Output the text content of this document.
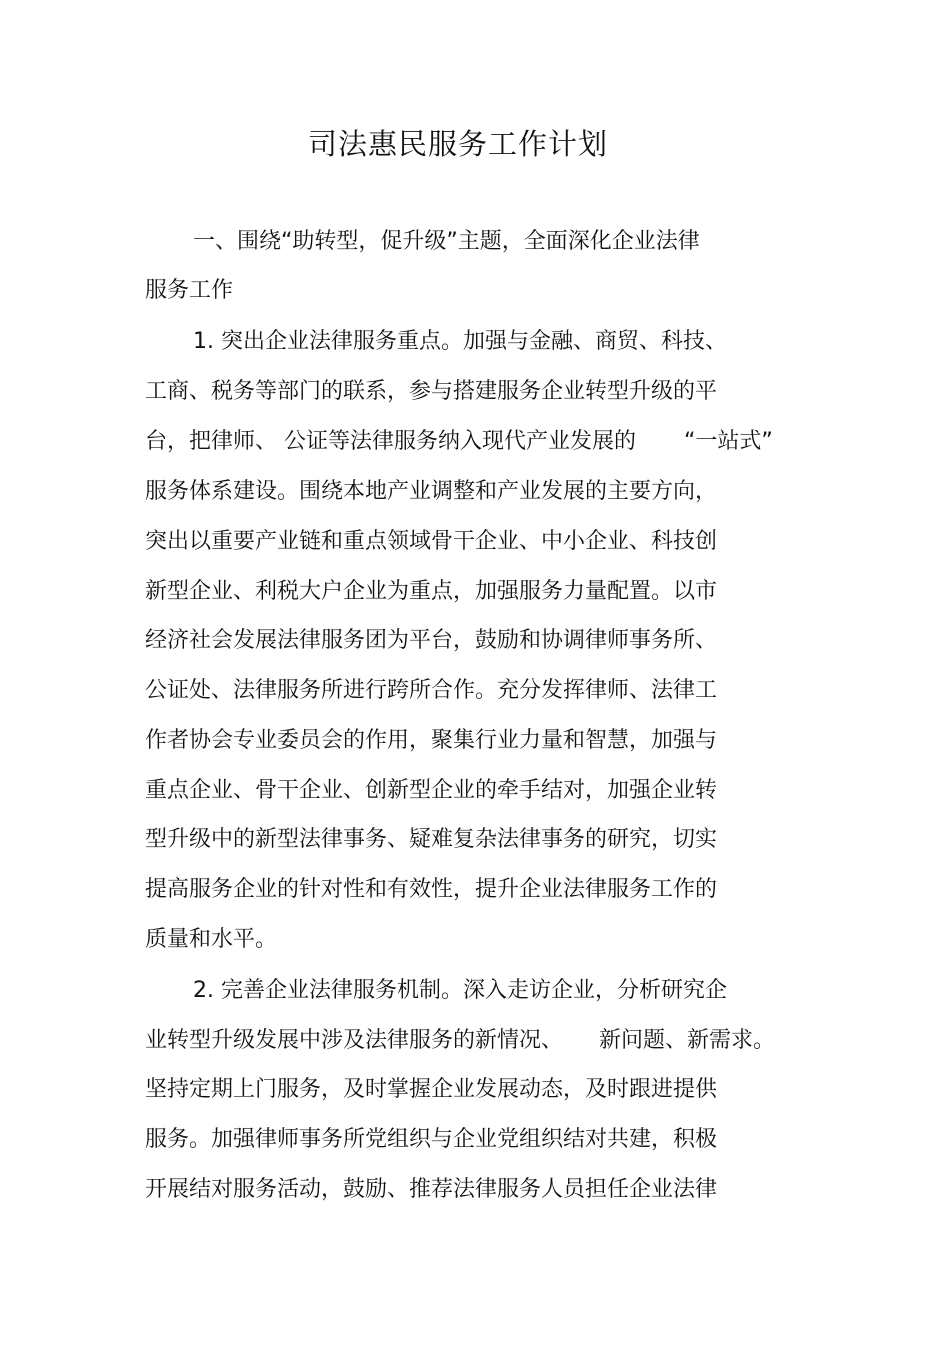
司法惠民服务工作计划
一、围绕“助转型，促升级”主题，全面深化企业法律
服务工作
1. 突出企业法律服务重点。加强与金融、商贸、科技、
工商、税务等部门的联系，参与搭建服务企业转型升级的平
台，把律师、 公证等法律服务纳入现代产业发展的 “一站式”
服务体系建设。围绕本地产业调整和产业发展的主要方向，
突出以重要产业链和重点领域骨干企业、中小企业、科技创
新型企业、利税大户企业为重点，加强服务力量配置。以市
经济社会发展法律服务团为平台，鼓励和协调律师事务所、
公证处、法律服务所进行跨所合作。充分发挥律师、法律工
作者协会专业委员会的作用，聚集行业力量和智慧，加强与
重点企业、骨干企业、创新型企业的牵手结对，加强企业转
型升级中的新型法律事务、疑难复杂法律事务的研究，切实
提高服务企业的针对性和有效性，提升企业法律服务工作的
质量和水平。
2. 完善企业法律服务机制。深入走访企业，分析研究企
业转型升级发展中涉及法律服务的新情况、 新问题、新需求。
坚持定期上门服务，及时掌握企业发展动态，及时跟进提供
服务。加强律师事务所党组织与企业党组织结对共建，积极
开展结对服务活动，鼓励、推荐法律服务人员担任企业法律
